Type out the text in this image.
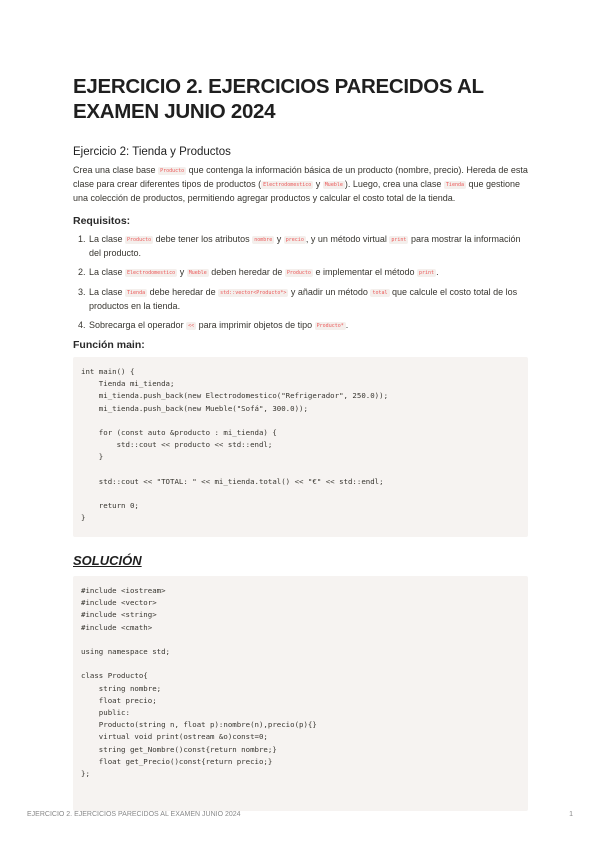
EJERCICIO 2. EJERCICIOS PARECIDOS AL EXAMEN JUNIO 2024
Ejercicio 2: Tienda y Productos

Crea una clase base Producto que contenga la información básica de un producto (nombre, precio). Hereda de esta clase para crear diferentes tipos de productos ( Electrodomestico y Mueble ). Luego, crea una clase Tienda que gestione una colección de productos, permitiendo agregar productos y calcular el costo total de la tienda.

Requisitos:
1. La clase Producto debe tener los atributos nombre y precio , y un método virtual print para mostrar la información del producto.
2. La clase Electrodomestico y Mueble deben heredar de Producto e implementar el método print .
3. La clase Tienda debe heredar de std::vector<Producto*> y añadir un método total que calcule el costo total de los productos en la tienda.
4. Sobrecarga el operador << para imprimir objetos de tipo Producto* .
Función main:
int main() {
Tienda mi_tienda;
mi_tienda.push_back(new Electrodomestico("Refrigerador", 250.0));
mi_tienda.push_back(new Mueble("Sofá", 300.0));

for (const auto &producto : mi_tienda) {
std::cout << producto << std::endl;
}

std::cout << "TOTAL: " << mi_tienda.total() << "€" << std::endl;

return 0;
}
SOLUCIÓN
#include <iostream>
#include <vector>
#include <string>
#include <cmath>

using namespace std;

class Producto{
string nombre;
float precio;
public:
Producto(string n, float p):nombre(n),precio(p){}
virtual void print(ostream &o)const=0;
string get_Nombre()const{return nombre;}
float get_Precio()const{return precio;}
};
EJERCICIO 2. EJERCICIOS PARECIDOS AL EXAMEN JUNIO 2024	1
